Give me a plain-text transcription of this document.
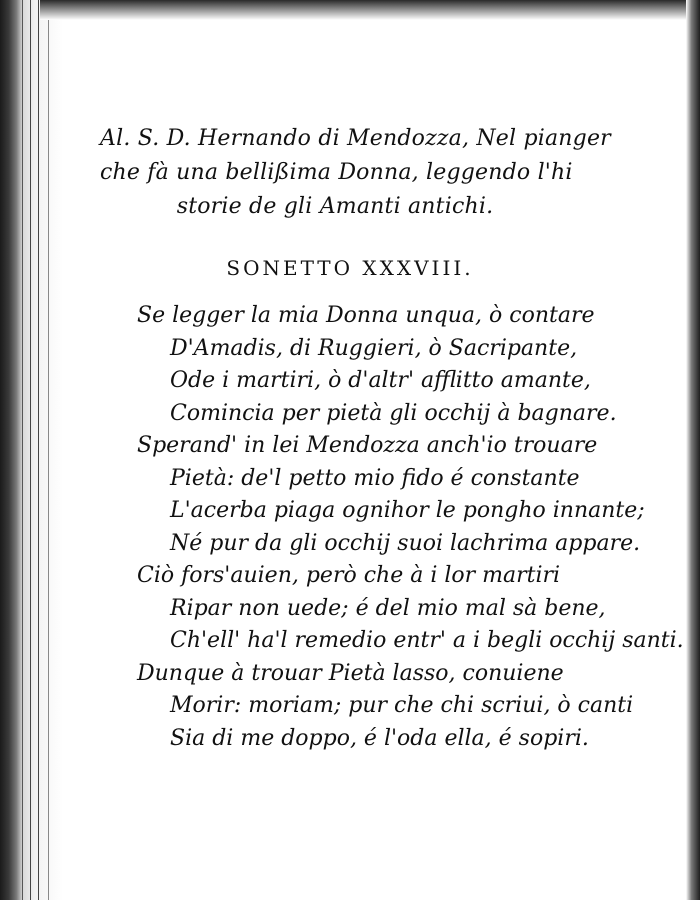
Al. S. D. Hernando di Mendozza, Nel pianger
che fà una bellißima Donna, leggendo l'hi
storie de gli Amanti antichi.
SONETTO XXXVIII.
Se legger la mia Donna unqua, ò contare
D'Amadis, di Ruggieri, ò Sacripante,
Ode i martiri, ò d'altr' afflitto amante,
Comincia per pietà gli occhij à bagnare.
Sperand' in lei Mendozza anch'io trouare
Pietà: de'l petto mio fido é constante
L'acerba piaga ognihor le pongho innante;
Né pur da gli occhij suoi lachrima appare.
Ciò fors'auien, però che à i lor martiri
Ripar non uede; é del mio mal sà bene,
Ch'ell' ha'l remedio entr' a i begli occhij santi.
Dunque à trouar Pietà lasso, conuiene
Morir: moriam; pur che chi scriui, ò canti
Sia di me doppo, é l'oda ella, é sopiri.
